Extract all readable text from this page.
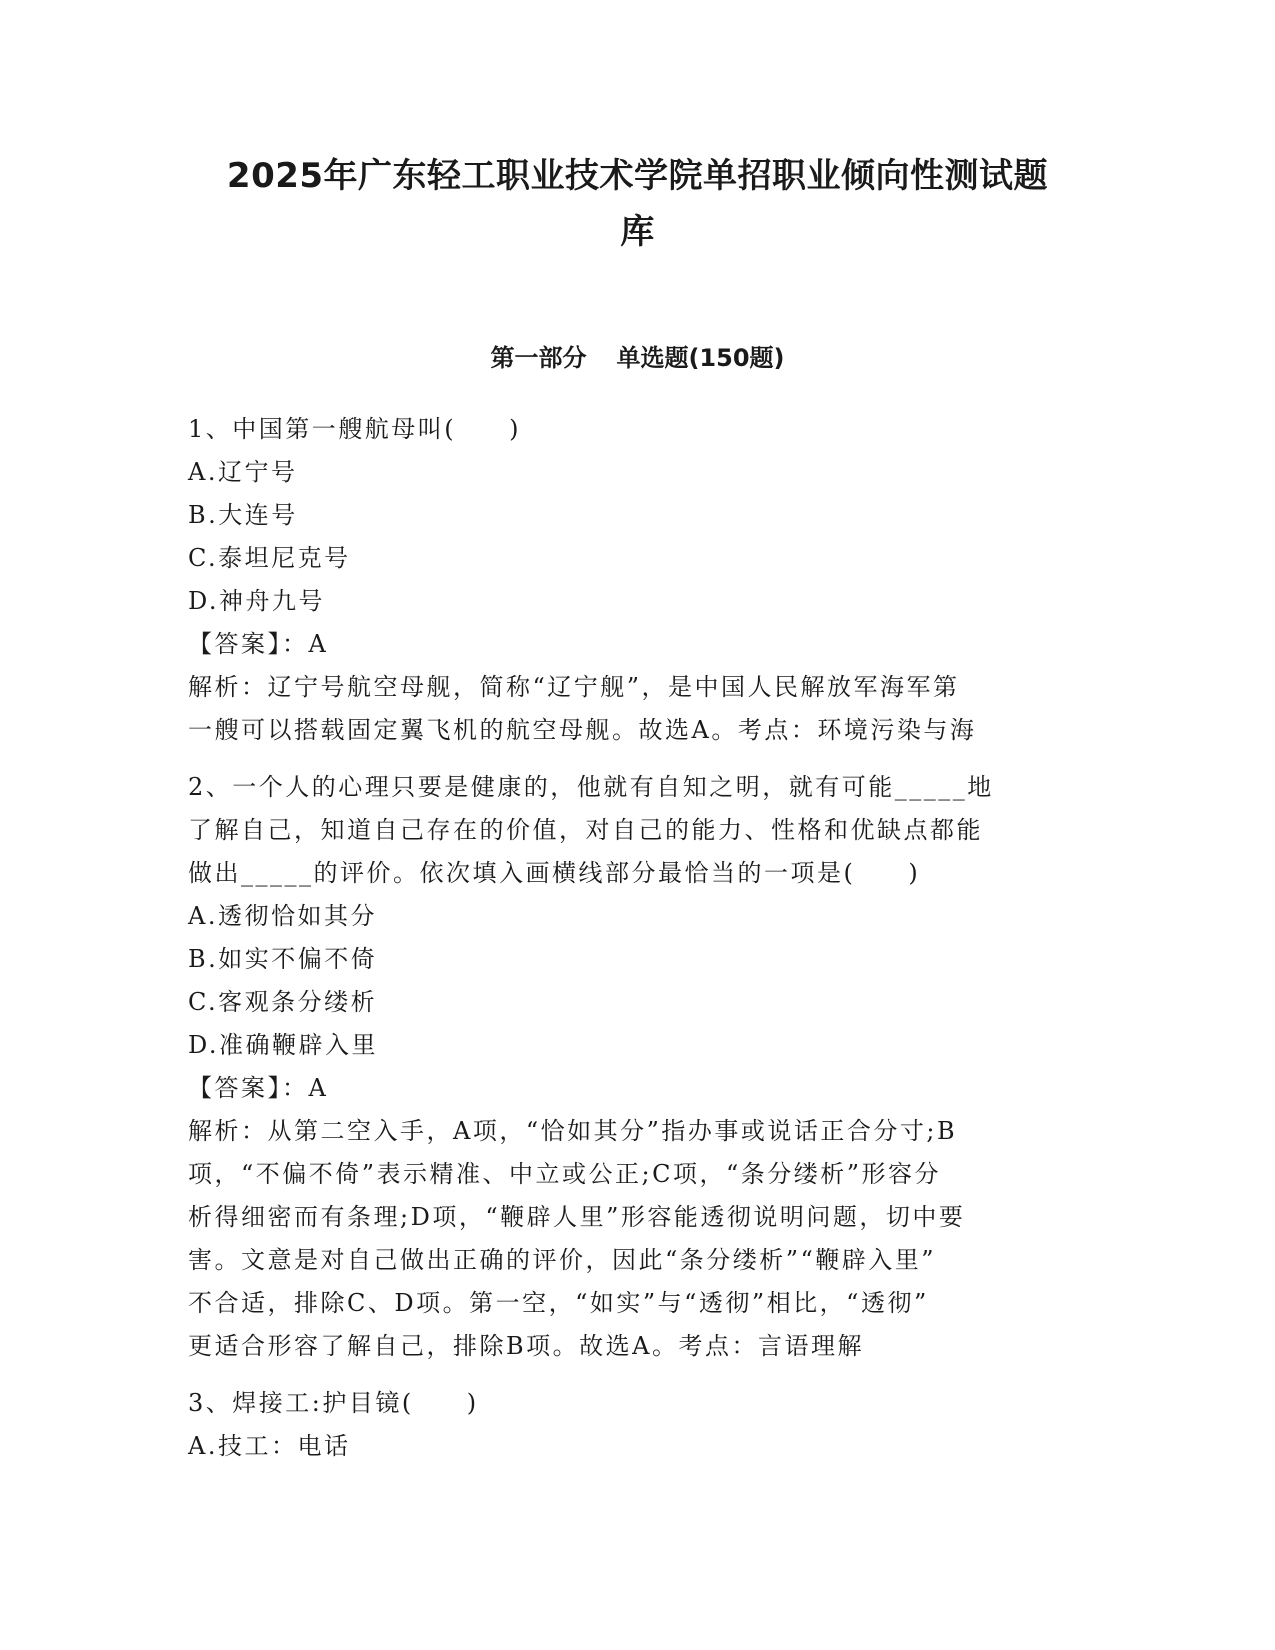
2025年广东轻工职业技术学院单招职业倾向性测试题
库
第一部分 单选题(150题)
1、中国第一艘航母叫(　　)
A.辽宁号
B.大连号
C.泰坦尼克号
D.神舟九号
【答案】：A
解析：辽宁号航空母舰，简称“辽宁舰”，是中国人民解放军海军第
一艘可以搭载固定翼飞机的航空母舰。故选A。考点：环境污染与海
2、一个人的心理只要是健康的，他就有自知之明，就有可能_____地
了解自己，知道自己存在的价值，对自己的能力、性格和优缺点都能
做出_____的评价。依次填入画横线部分最恰当的一项是(　　)
A.透彻恰如其分
B.如实不偏不倚
C.客观条分缕析
D.准确鞭辟入里
【答案】：A
解析：从第二空入手，A项，“恰如其分”指办事或说话正合分寸;B
项，“不偏不倚”表示精准、中立或公正;C项，“条分缕析”形容分
析得细密而有条理;D项，“鞭辟人里”形容能透彻说明问题，切中要
害。文意是对自己做出正确的评价，因此“条分缕析”“鞭辟入里”
不合适，排除C、D项。第一空，“如实”与“透彻”相比，“透彻”
更适合形容了解自己，排除B项。故选A。考点：言语理解
3、焊接工:护目镜(　　)
A.技工：电话
